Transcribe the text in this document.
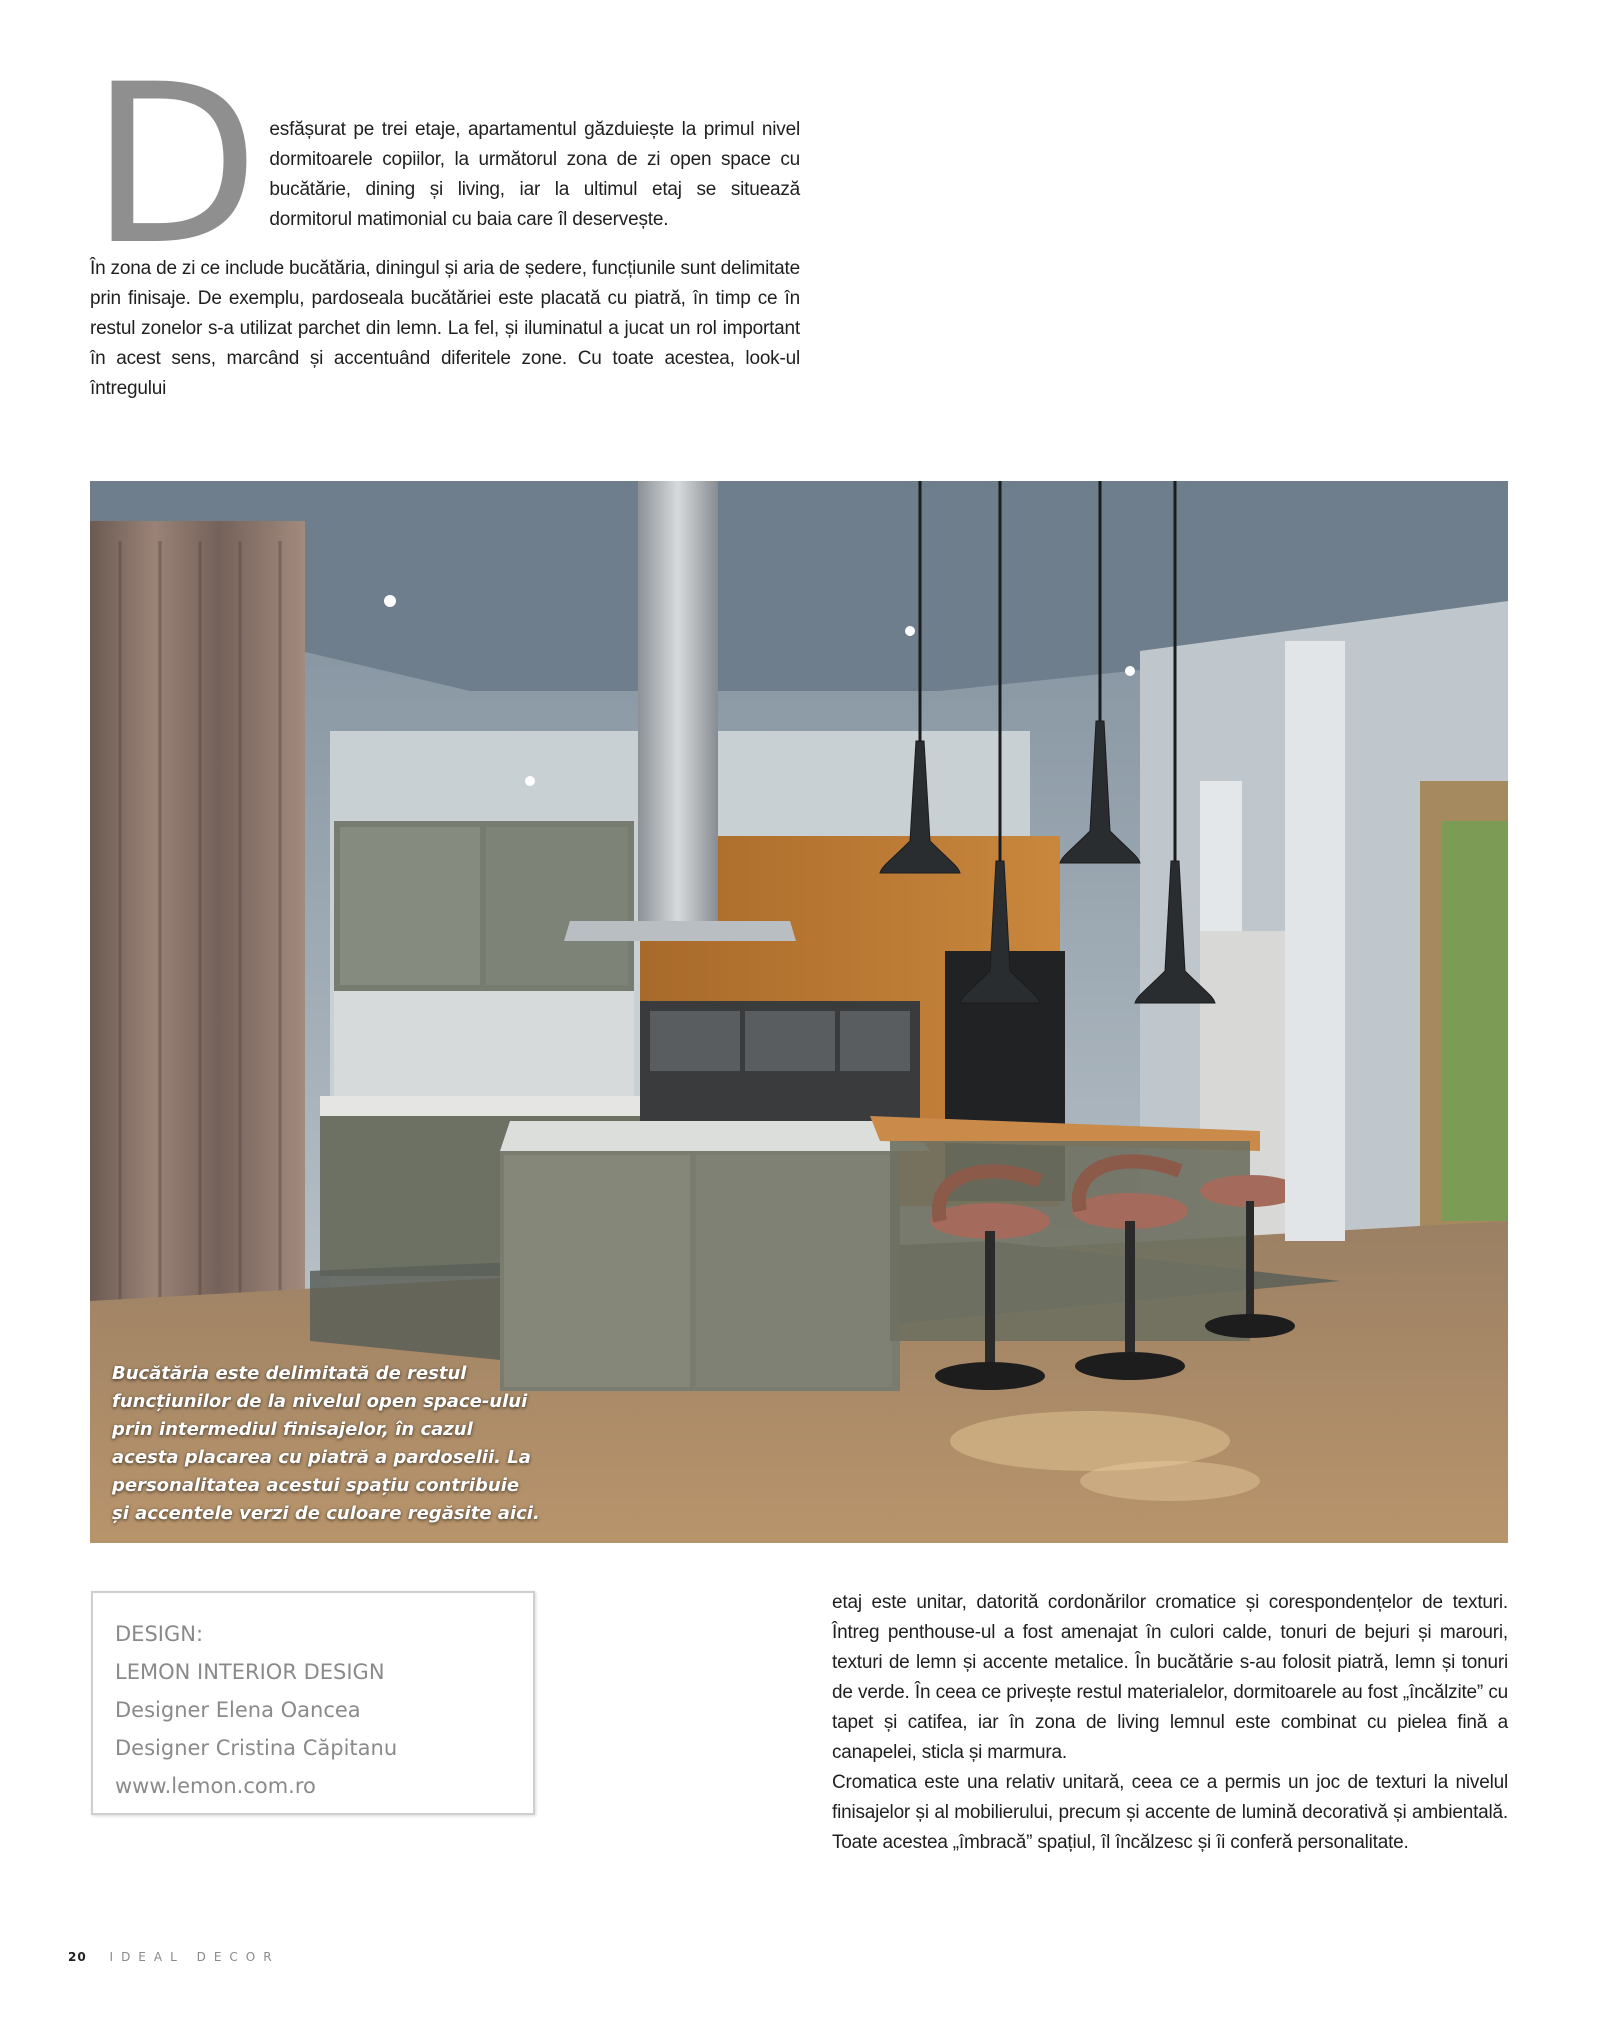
D esfășurat pe trei etaje, apartamentul găzduiește la primul nivel dormitoarele copiilor, la următorul zona de zi open space cu bucătărie, dining și living, iar la ultimul etaj se situează dormitorul matimonial cu baia care îl deservește.

În zona de zi ce include bucătăria, diningul și aria de ședere, funcțiunile sunt delimitate prin finisaje. De exemplu, pardoseala bucătăriei este placată cu piatră, în timp ce în restul zonelor s-a utilizat parchet din lemn. La fel, și iluminatul a jucat un rol important în acest sens, marcând și accentuând diferitele zone. Cu toate acestea, look-ul întregului

Bucătăria este delimitată de restul funcțiunilor de la nivelul open space-ului prin intermediul finisajelor, în cazul acesta placarea cu piatră a pardoselii. La personalitatea acestui spațiu contribuie și accentele verzi de culoare regăsite aici.
DESIGN:
LEMON INTERIOR DESIGN
Designer Elena Oancea
Designer Cristina Căpitanu
www.lemon.com.ro

etaj este unitar, datorită cordonărilor cromatice și corespondențelor de texturi. Întreg penthouse-ul a fost amenajat în culori calde, tonuri de bejuri și marouri, texturi de lemn și accente metalice. În bucătărie s-au folosit piatră, lemn și tonuri de verde. În ceea ce privește restul materialelor, dormitoarele au fost „încălzite” cu tapet și catifea, iar în zona de living lemnul este combinat cu pielea fină a canapelei, sticla și marmura.

Cromatica este una relativ unitară, ceea ce a permis un joc de texturi la nivelul finisajelor și al mobilierului, precum și accente de lumină decorativă și ambientală. Toate acestea „îmbracă” spațiul, îl încălzesc și îi conferă personalitate.

20 IDEAL DECOR
